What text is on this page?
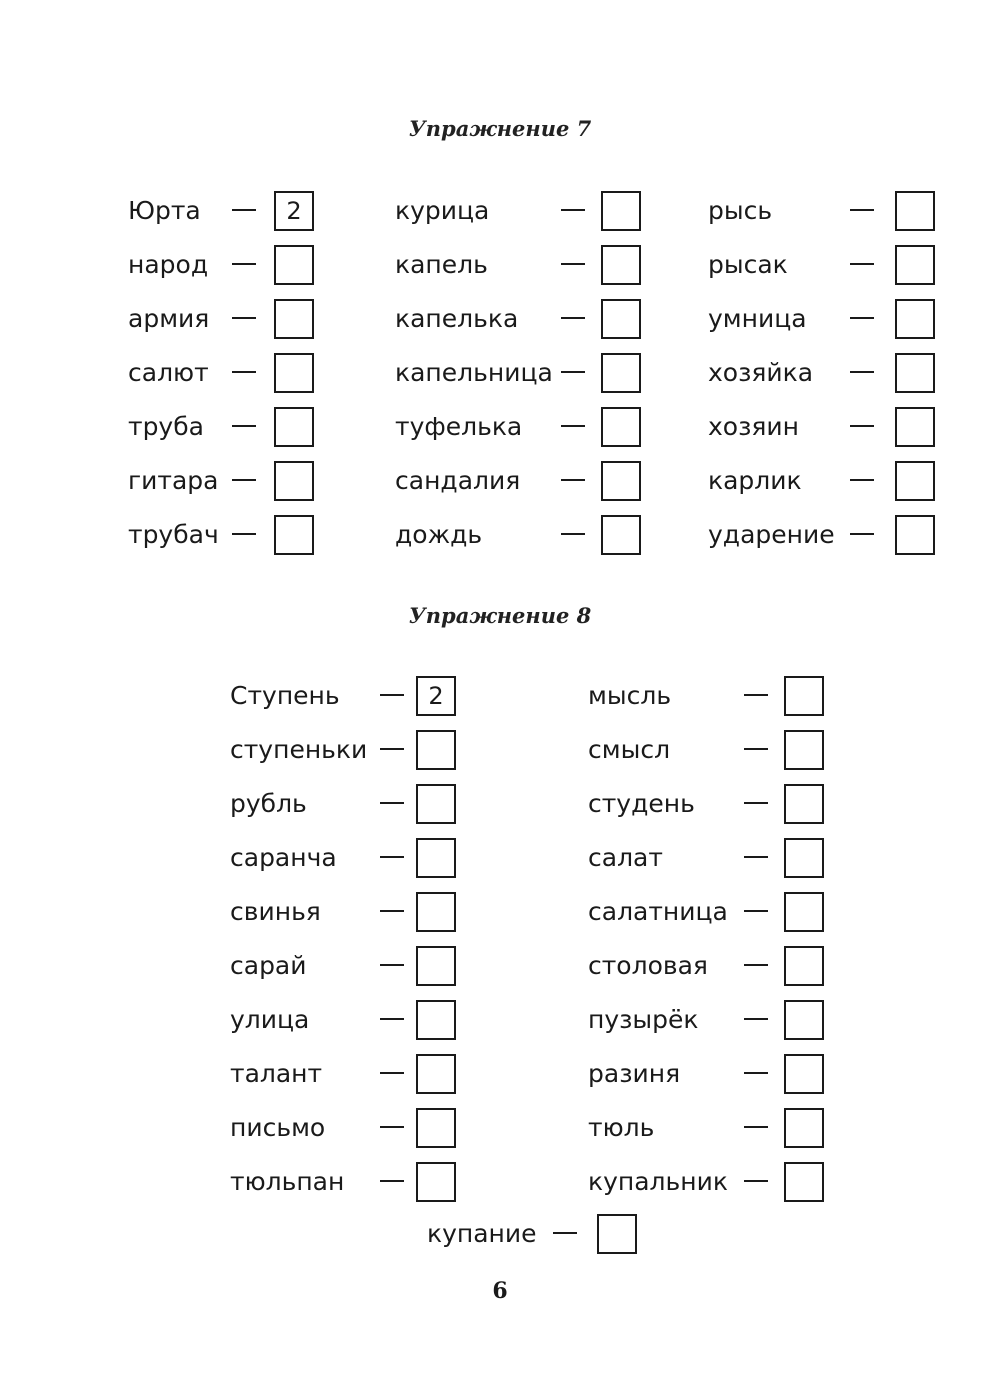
Упражнение 7
Юрта	2
народ
армия
салют
труба
гитара
трубач
курица
капель
капелька
капельница
туфелька
сандалия
дождь
рысь
рысак
умница
хозяйка
хозяин
карлик
ударение
Упражнение 8
Ступень	2
ступеньки
рубль
саранча
свинья
сарай
улица
талант
письмо
тюльпан
мысль
смысл
студень
салат
салатница
столовая
пузырёк
разиня
тюль
купальник
купание
6
